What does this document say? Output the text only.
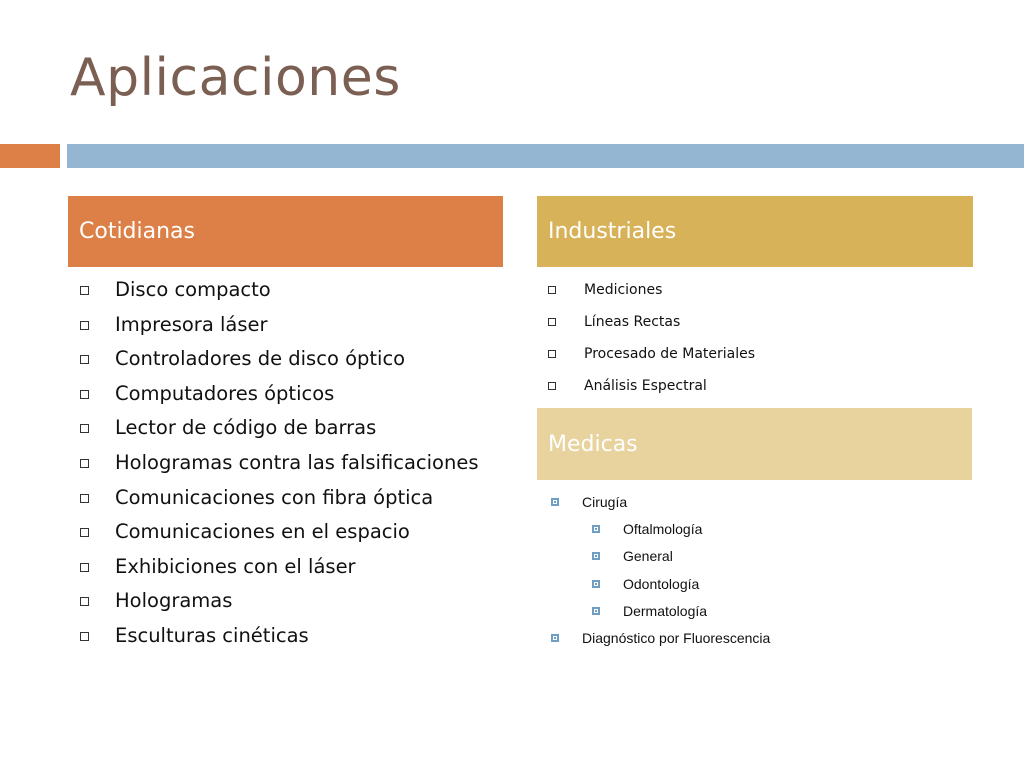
Aplicaciones
Cotidianas
Disco compacto
Impresora láser
Controladores de disco óptico
Computadores ópticos
Lector de código de barras
Hologramas contra las falsificaciones
Comunicaciones con fibra óptica
Comunicaciones en el espacio
Exhibiciones con el láser
Hologramas
Esculturas cinéticas
Industriales
Mediciones
Líneas Rectas
Procesado de Materiales
Análisis Espectral
Medicas
Cirugía
Oftalmología
General
Odontología
Dermatología
Diagnóstico por Fluorescencia
